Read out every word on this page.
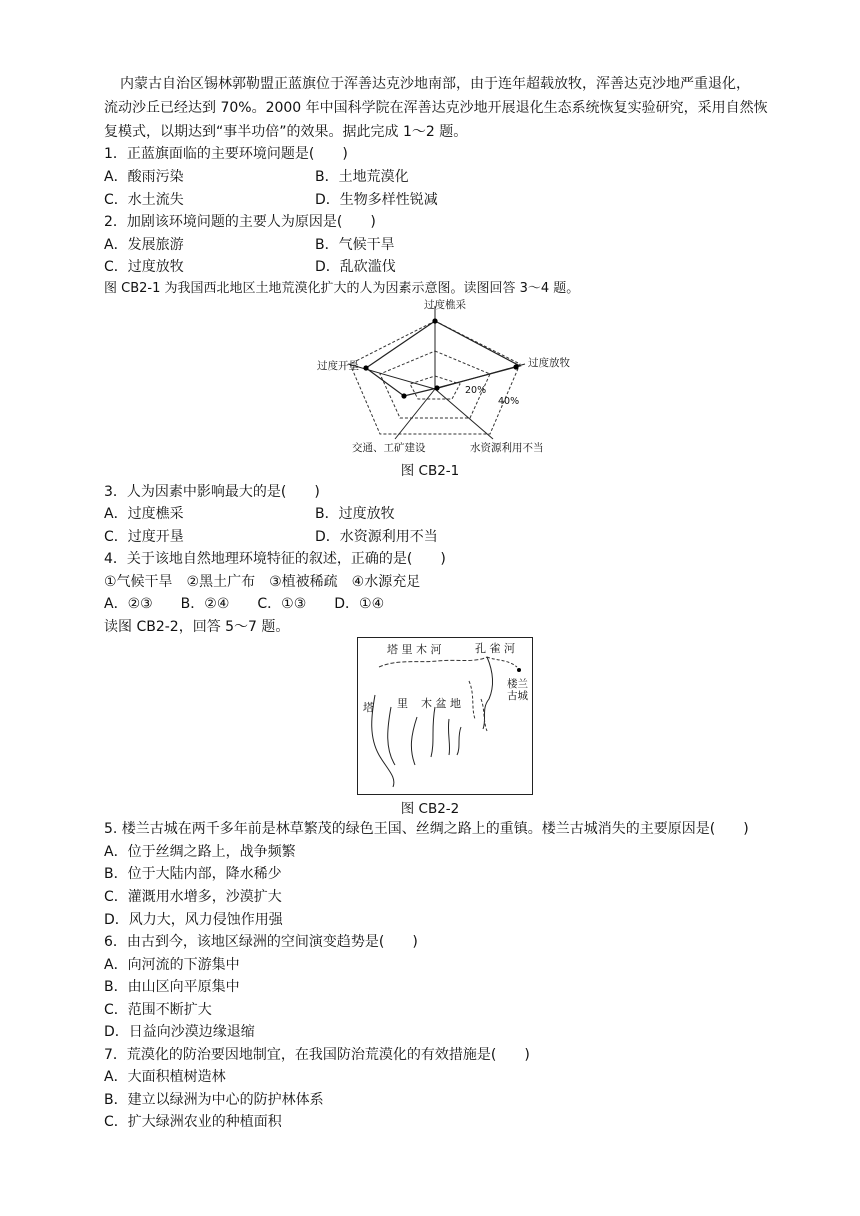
内蒙古自治区锡林郭勒盟正蓝旗位于浑善达克沙地南部，由于连年超载放牧，浑善达克沙地严重退化，
流动沙丘已经达到 70%。2000 年中国科学院在浑善达克沙地开展退化生态系统恢复实验研究，采用自然恢
复模式，以期达到“事半功倍”的效果。据此完成 1～2 题。
1．正蓝旗面临的主要环境问题是(　　)
A．酸雨污染	B．土地荒漠化
C．水土流失	D．生物多样性锐减
2．加剧该环境问题的主要人为原因是(　　)
A．发展旅游	B．气候干旱
C．过度放牧	D．乱砍滥伐
图 CB2-1 为我国西北地区土地荒漠化扩大的人为因素示意图。读图回答 3～4 题。
过度樵采
过度放牧
过度开垦
交通、工矿建设	水资源利用不当
20%
40%
图 CB2-1
3．人为因素中影响最大的是(　　)
A．过度樵采	B．过度放牧
C．过度开垦	D．水资源利用不当
4．关于该地自然地理环境特征的叙述，正确的是(　　)
①气候干旱　②黑土广布　③植被稀疏　④水源充足
A．②③　　B．②④　　C．①③　　D．①④
读图 CB2-2，回答 5～7 题。
塔 里 木 河	孔 雀 河
楼兰
古城
塔 里 木 盆 地
图 CB2-2
5. 楼兰古城在两千多年前是林草繁茂的绿色王国、丝绸之路上的重镇。楼兰古城消失的主要原因是(　　)
A．位于丝绸之路上，战争频繁
B．位于大陆内部，降水稀少
C．灌溉用水增多，沙漠扩大
D．风力大，风力侵蚀作用强
6．由古到今，该地区绿洲的空间演变趋势是(　　)
A．向河流的下游集中
B．由山区向平原集中
C．范围不断扩大
D．日益向沙漠边缘退缩
7．荒漠化的防治要因地制宜，在我国防治荒漠化的有效措施是(　　)
A．大面积植树造林
B．建立以绿洲为中心的防护林体系
C．扩大绿洲农业的种植面积
